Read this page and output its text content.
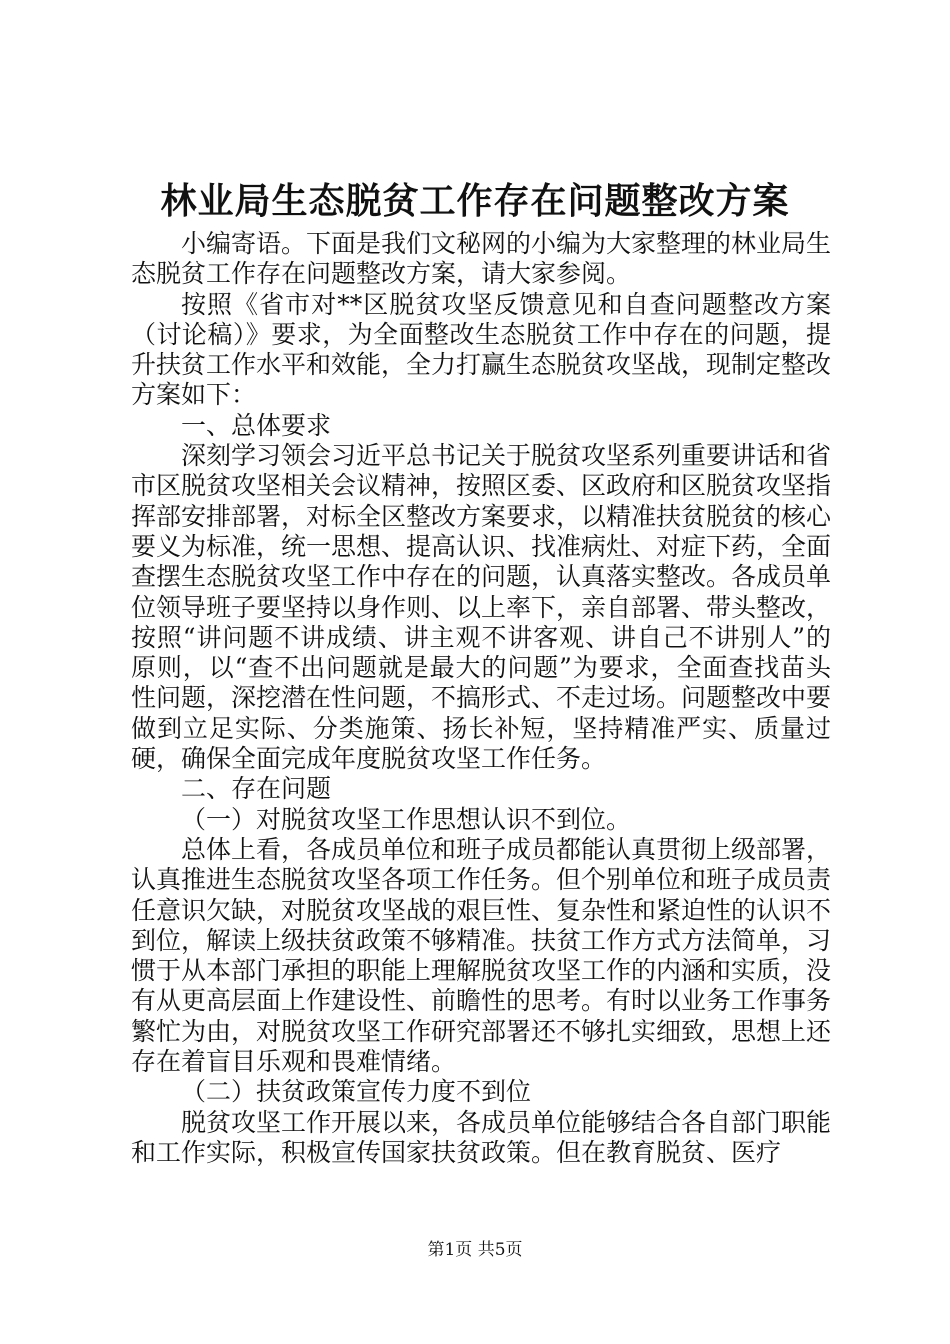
林业局生态脱贫工作存在问题整改方案

小编寄语。下面是我们文秘网的小编为大家整理的林业局生态脱贫工作存在问题整改方案，请大家参阅。

按照《省市对**区脱贫攻坚反馈意见和自查问题整改方案（讨论稿）》要求，为全面整改生态脱贫工作中存在的问题，提升扶贫工作水平和效能，全力打赢生态脱贫攻坚战，现制定整改方案如下：

一、总体要求

深刻学习领会习近平总书记关于脱贫攻坚系列重要讲话和省市区脱贫攻坚相关会议精神，按照区委、区政府和区脱贫攻坚指挥部安排部署，对标全区整改方案要求，以精准扶贫脱贫的核心要义为标准，统一思想、提高认识、找准病灶、对症下药，全面查摆生态脱贫攻坚工作中存在的问题，认真落实整改。各成员单位领导班子要坚持以身作则、以上率下，亲自部署、带头整改，按照“讲问题不讲成绩、讲主观不讲客观、讲自己不讲别人”的原则，以“查不出问题就是最大的问题”为要求，全面查找苗头性问题，深挖潜在性问题，不搞形式、不走过场。问题整改中要做到立足实际、分类施策、扬长补短，坚持精准严实、质量过硬，确保全面完成年度脱贫攻坚工作任务。

二、存在问题

（一）对脱贫攻坚工作思想认识不到位。

总体上看，各成员单位和班子成员都能认真贯彻上级部署，认真推进生态脱贫攻坚各项工作任务。但个别单位和班子成员责任意识欠缺，对脱贫攻坚战的艰巨性、复杂性和紧迫性的认识不到位，解读上级扶贫政策不够精准。扶贫工作方式方法简单，习惯于从本部门承担的职能上理解脱贫攻坚工作的内涵和实质，没有从更高层面上作建设性、前瞻性的思考。有时以业务工作事务繁忙为由，对脱贫攻坚工作研究部署还不够扎实细致，思想上还存在着盲目乐观和畏难情绪。

（二）扶贫政策宣传力度不到位

脱贫攻坚工作开展以来，各成员单位能够结合各自部门职能和工作实际，积极宣传国家扶贫政策。但在教育脱贫、医疗

第1页 共5页
